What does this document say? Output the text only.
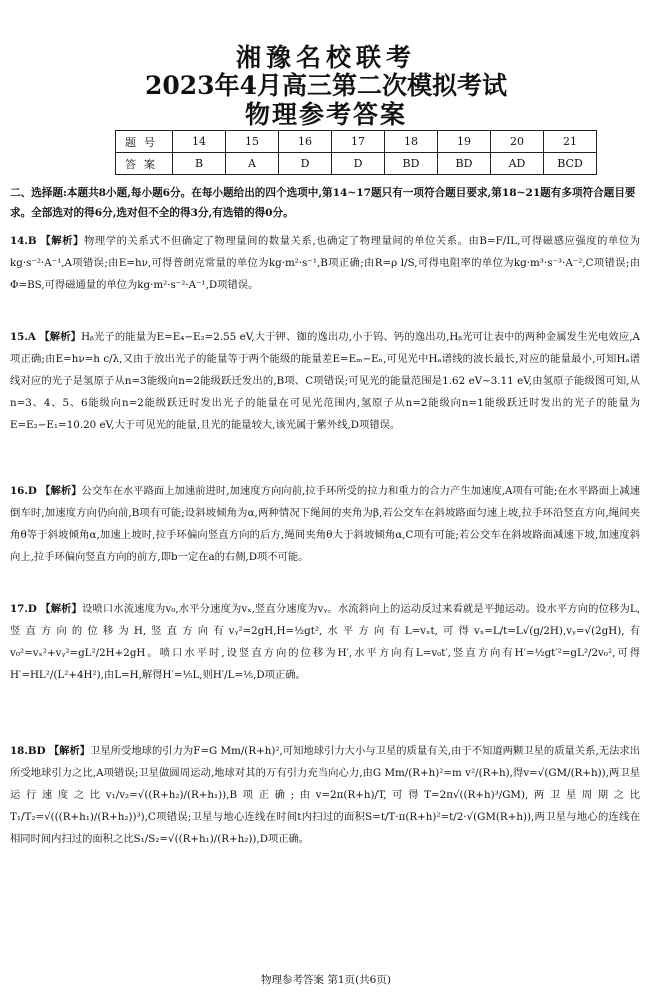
湘豫名校联考
2023年4月高三第二次模拟考试
物理参考答案
题号	14	15	16	17	18	19	20	21
答案	B	A	D	D	BD	BD	AD	BCD
二、选择题:本题共8小题,每小题6分。在每小题给出的四个选项中,第14~17题只有一项符合题目要求,第18~21题有多项符合题目要求。全部选对的得6分,选对但不全的得3分,有选错的得0分。
14.B 【解析】物理学的关系式不但确定了物理量间的数量关系,也确定了物理量间的单位关系。由B=F/IL,可得磁感应强度的单位为kg·s⁻²·A⁻¹,A项错误;由E=hν,可得普朗克常量的单位为kg·m²·s⁻¹,B项正确;由R=ρ l/S,可得电阻率的单位为kg·m³·s⁻³·A⁻²,C项错误;由Φ=BS,可得磁通量的单位为kg·m²·s⁻²·A⁻¹,D项错误。
15.A 【解析】Hᵦ光子的能量为E=E₄−E₂=2.55 eV,大于钾、铷的逸出功,小于钨、钙的逸出功,Hᵦ光可让表中的两种金属发生光电效应,A项正确;由E=hν=h c/λ,又由于放出光子的能量等于两个能级的能量差E=Eₘ−Eₙ,可见光中Hₐ谱线的波长最长,对应的能量最小,可知Hₐ谱线对应的光子是氢原子从n=3能级向n=2能级跃迁发出的,B项、C项错误;可见光的能量范围是1.62 eV~3.11 eV,由氢原子能级图可知,从n=3、4、5、6能级向n=2能级跃迁时发出光子的能量在可见光范围内,氢原子从n=2能级向n=1能级跃迁时发出的光子的能量为E=E₂−E₁=10.20 eV,大于可见光的能量,且光的能量较大,该光属于紫外线,D项错误。
16.D 【解析】公交车在水平路面上加速前进时,加速度方向向前,拉手环所受的拉力和重力的合力产生加速度,A项有可能;在水平路面上减速倒车时,加速度方向仍向前,B项有可能;设斜坡倾角为α,两种情况下绳间的夹角为β,若公交车在斜坡路面匀速上坡,拉手环沿竖直方向,绳间夹角θ等于斜坡倾角α,加速上坡时,拉手环偏向竖直方向的后方,绳间夹角θ大于斜坡倾角α,C项有可能;若公交车在斜坡路面减速下坡,加速度斜向上,拉手环偏向竖直方向的前方,即b一定在a的右侧,D项不可能。
17.D 【解析】设喷口水流速度为v₀,水平分速度为vₓ,竖直分速度为vᵧ。水流斜向上的运动反过来看就是平抛运动。设水平方向的位移为L,竖直方向的位移为H,竖直方向有vᵧ²=2gH,H=½gt²,水平方向有L=vₓt,可得vₓ=L/t=L√(g/2H),vᵧ=√(2gH),有v₀²=vₓ²+vᵧ²=gL²/2H+2gH。喷口水平时,设竖直方向的位移为H′,水平方向有L=v₀t′,竖直方向有H′=½gt′²=gL²/2v₀²,可得H′=HL²/(L²+4H²),由L=H,解得H′=⅕L,则H′/L=⅕,D项正确。
18.BD 【解析】卫星所受地球的引力为F=G Mm/(R+h)²,可知地球引力大小与卫星的质量有关,由于不知道两颗卫星的质量关系,无法求出所受地球引力之比,A项错误;卫星做圆周运动,地球对其的万有引力充当向心力,由G Mm/(R+h)²=m v²/(R+h),得v=√(GM/(R+h)),两卫星运行速度之比v₁/v₂=√((R+h₂)/(R+h₁)),B项正确;由v=2π(R+h)/T,可得T=2π√((R+h)³/GM),两卫星周期之比T₁/T₂=√(((R+h₁)/(R+h₂))³),C项错误;卫星与地心连线在时间t内扫过的面积S=t/T·π(R+h)²=t/2·√(GM(R+h)),两卫星与地心的连线在相同时间内扫过的面积之比S₁/S₂=√((R+h₁)/(R+h₂)),D项正确。
物理参考答案 第1页(共6页)
